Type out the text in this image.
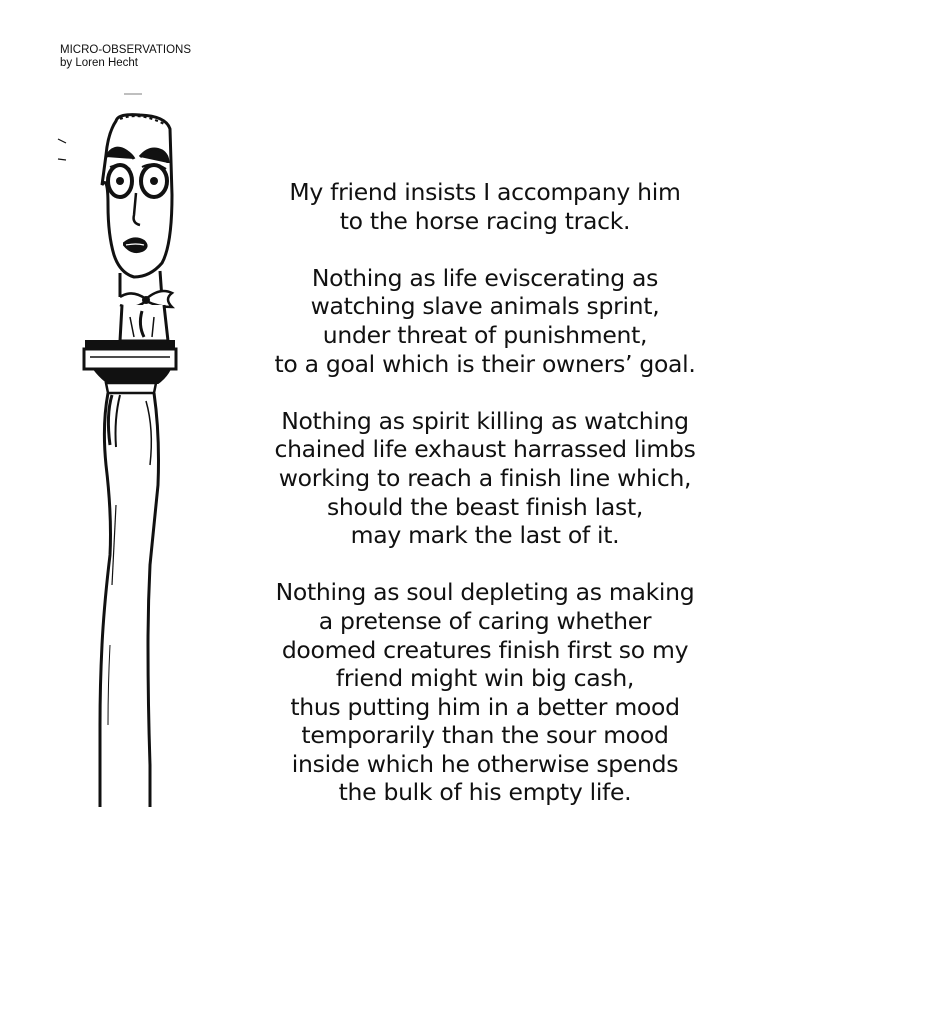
MICRO-OBSERVATIONS
by Loren Hecht
My friend insists I accompany him
to the horse racing track.
Nothing as life eviscerating as
watching slave animals sprint,
under threat of punishment,
to a goal which is their owners’ goal.
Nothing as spirit killing as watching
chained life exhaust harrassed limbs
working to reach a finish line which,
should the beast finish last,
may mark the last of it.
Nothing as soul depleting as making
a pretense of caring whether
doomed creatures finish first so my
friend might win big cash,
thus putting him in a better mood
temporarily than the sour mood
inside which he otherwise spends
the bulk of his empty life.
